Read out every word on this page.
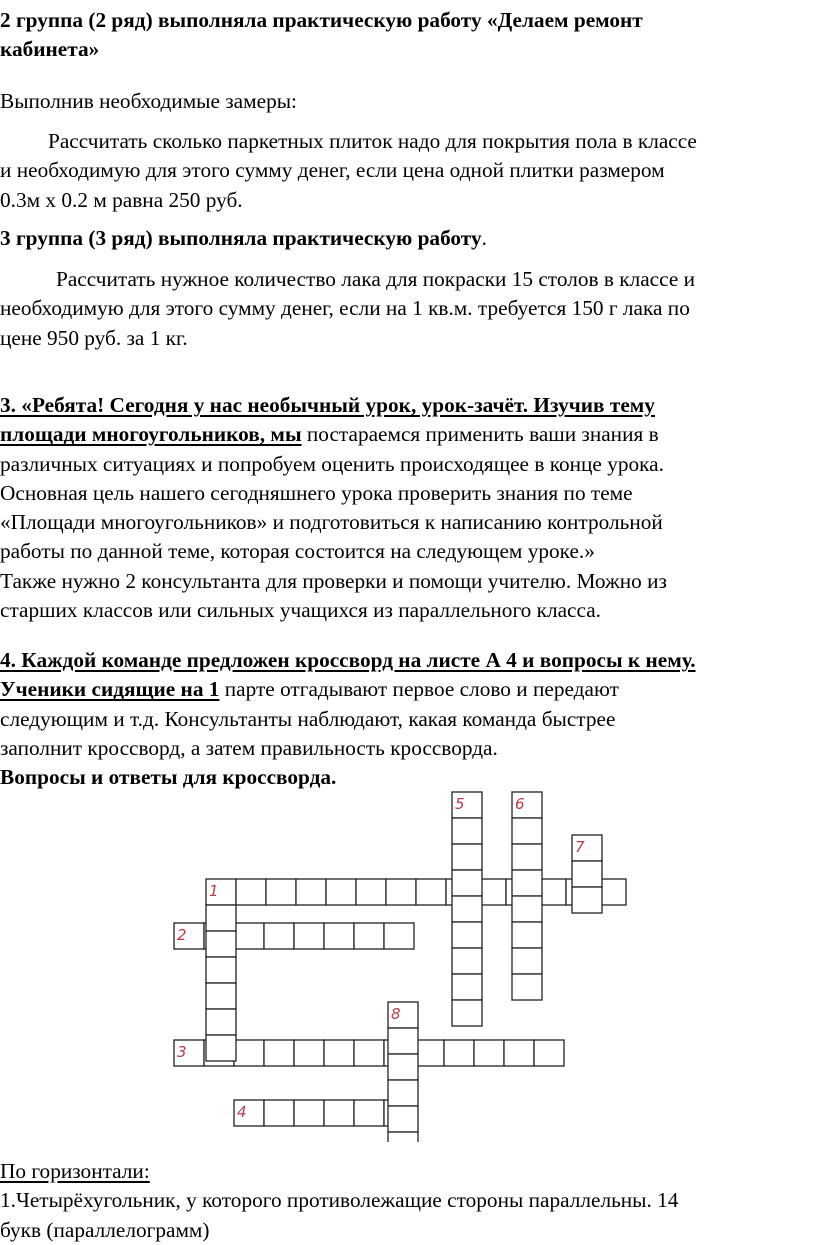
2 группа (2 ряд) выполняла практическую работу «Делаем ремонт
кабинета»

Выполнив необходимые замеры:

Рассчитать сколько паркетных плиток надо для покрытия пола в классе
и необходимую для этого сумму денег, если цена одной плитки размером
0.3м х 0.2 м равна 250 руб.

3 группа (3 ряд) выполняла практическую работу.

Рассчитать нужное количество лака для покраски 15 столов в классе и
необходимую для этого сумму денег, если на 1 кв.м. требуется 150 г лака по
цене 950 руб. за 1 кг.

3. «Ребята! Сегодня у нас необычный урок, урок-зачёт. Изучив тему
площади многоугольников, мы постараемся применить ваши знания в
различных ситуациях и попробуем оценить происходящее в конце урока.
Основная цель нашего сегодняшнего урока проверить знания по теме
«Площади многоугольников» и подготовиться к написанию контрольной
работы по данной теме, которая состоится на следующем уроке.»
Также нужно 2 консультанта для проверки и помощи учителю. Можно из
старших классов или сильных учащихся из параллельного класса.

4. Каждой команде предложен кроссворд на листе А 4 и вопросы к нему.
Ученики сидящие на 1 парте отгадывают первое слово и передают
следующим и т.д. Консультанты наблюдают, какая команда быстрее
заполнит кроссворд, а затем правильность кроссворда.
Вопросы и ответы для кроссворда.

1
2
3
4
5	6
7
8

По горизонтали:
1.Четырёхугольник, у которого противолежащие стороны параллельны. 14
букв (параллелограмм)
